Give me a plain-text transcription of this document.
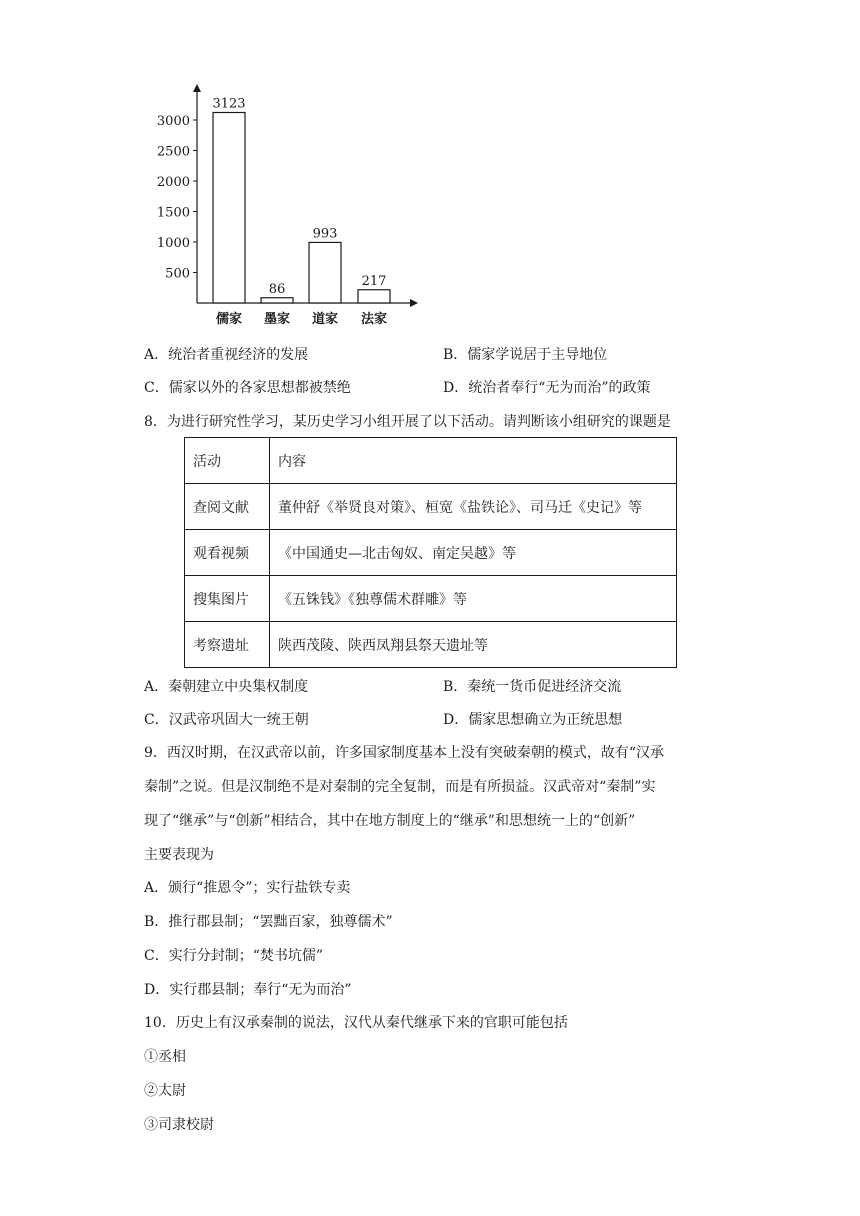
500
1000
1500
2000
2500
3000
3123
儒家
86
墨家
993
道家
217
法家
A．统治者重视经济的发展	B．儒家学说居于主导地位
C．儒家以外的各家思想都被禁绝	D．统治者奉行“无为而治”的政策
8．为进行研究性学习，某历史学习小组开展了以下活动。请判断该小组研究的课题是
活动	内容
查阅文献	董仲舒《举贤良对策》、桓宽《盐铁论》、司马迁《史记》等
观看视频	《中国通史—北击匈奴、南定吴越》等
搜集图片	《五铢钱》《独尊儒术群雕》等
考察遗址	陕西茂陵、陕西凤翔县祭天遗址等
A．秦朝建立中央集权制度	B．秦统一货币促进经济交流
C．汉武帝巩固大一统王朝	D．儒家思想确立为正统思想
9．西汉时期，在汉武帝以前，许多国家制度基本上没有突破秦朝的模式，故有“汉承
秦制”之说。但是汉制绝不是对秦制的完全复制，而是有所损益。汉武帝对“秦制”实
现了“继承”与“创新”相结合，其中在地方制度上的“继承”和思想统一上的“创新”
主要表现为
A．颁行“推恩令”；实行盐铁专卖
B．推行郡县制；“罢黜百家，独尊儒术”
C．实行分封制；“焚书坑儒”
D．实行郡县制；奉行“无为而治”
10．历史上有汉承秦制的说法，汉代从秦代继承下来的官职可能包括
①丞相
②太尉
③司隶校尉
